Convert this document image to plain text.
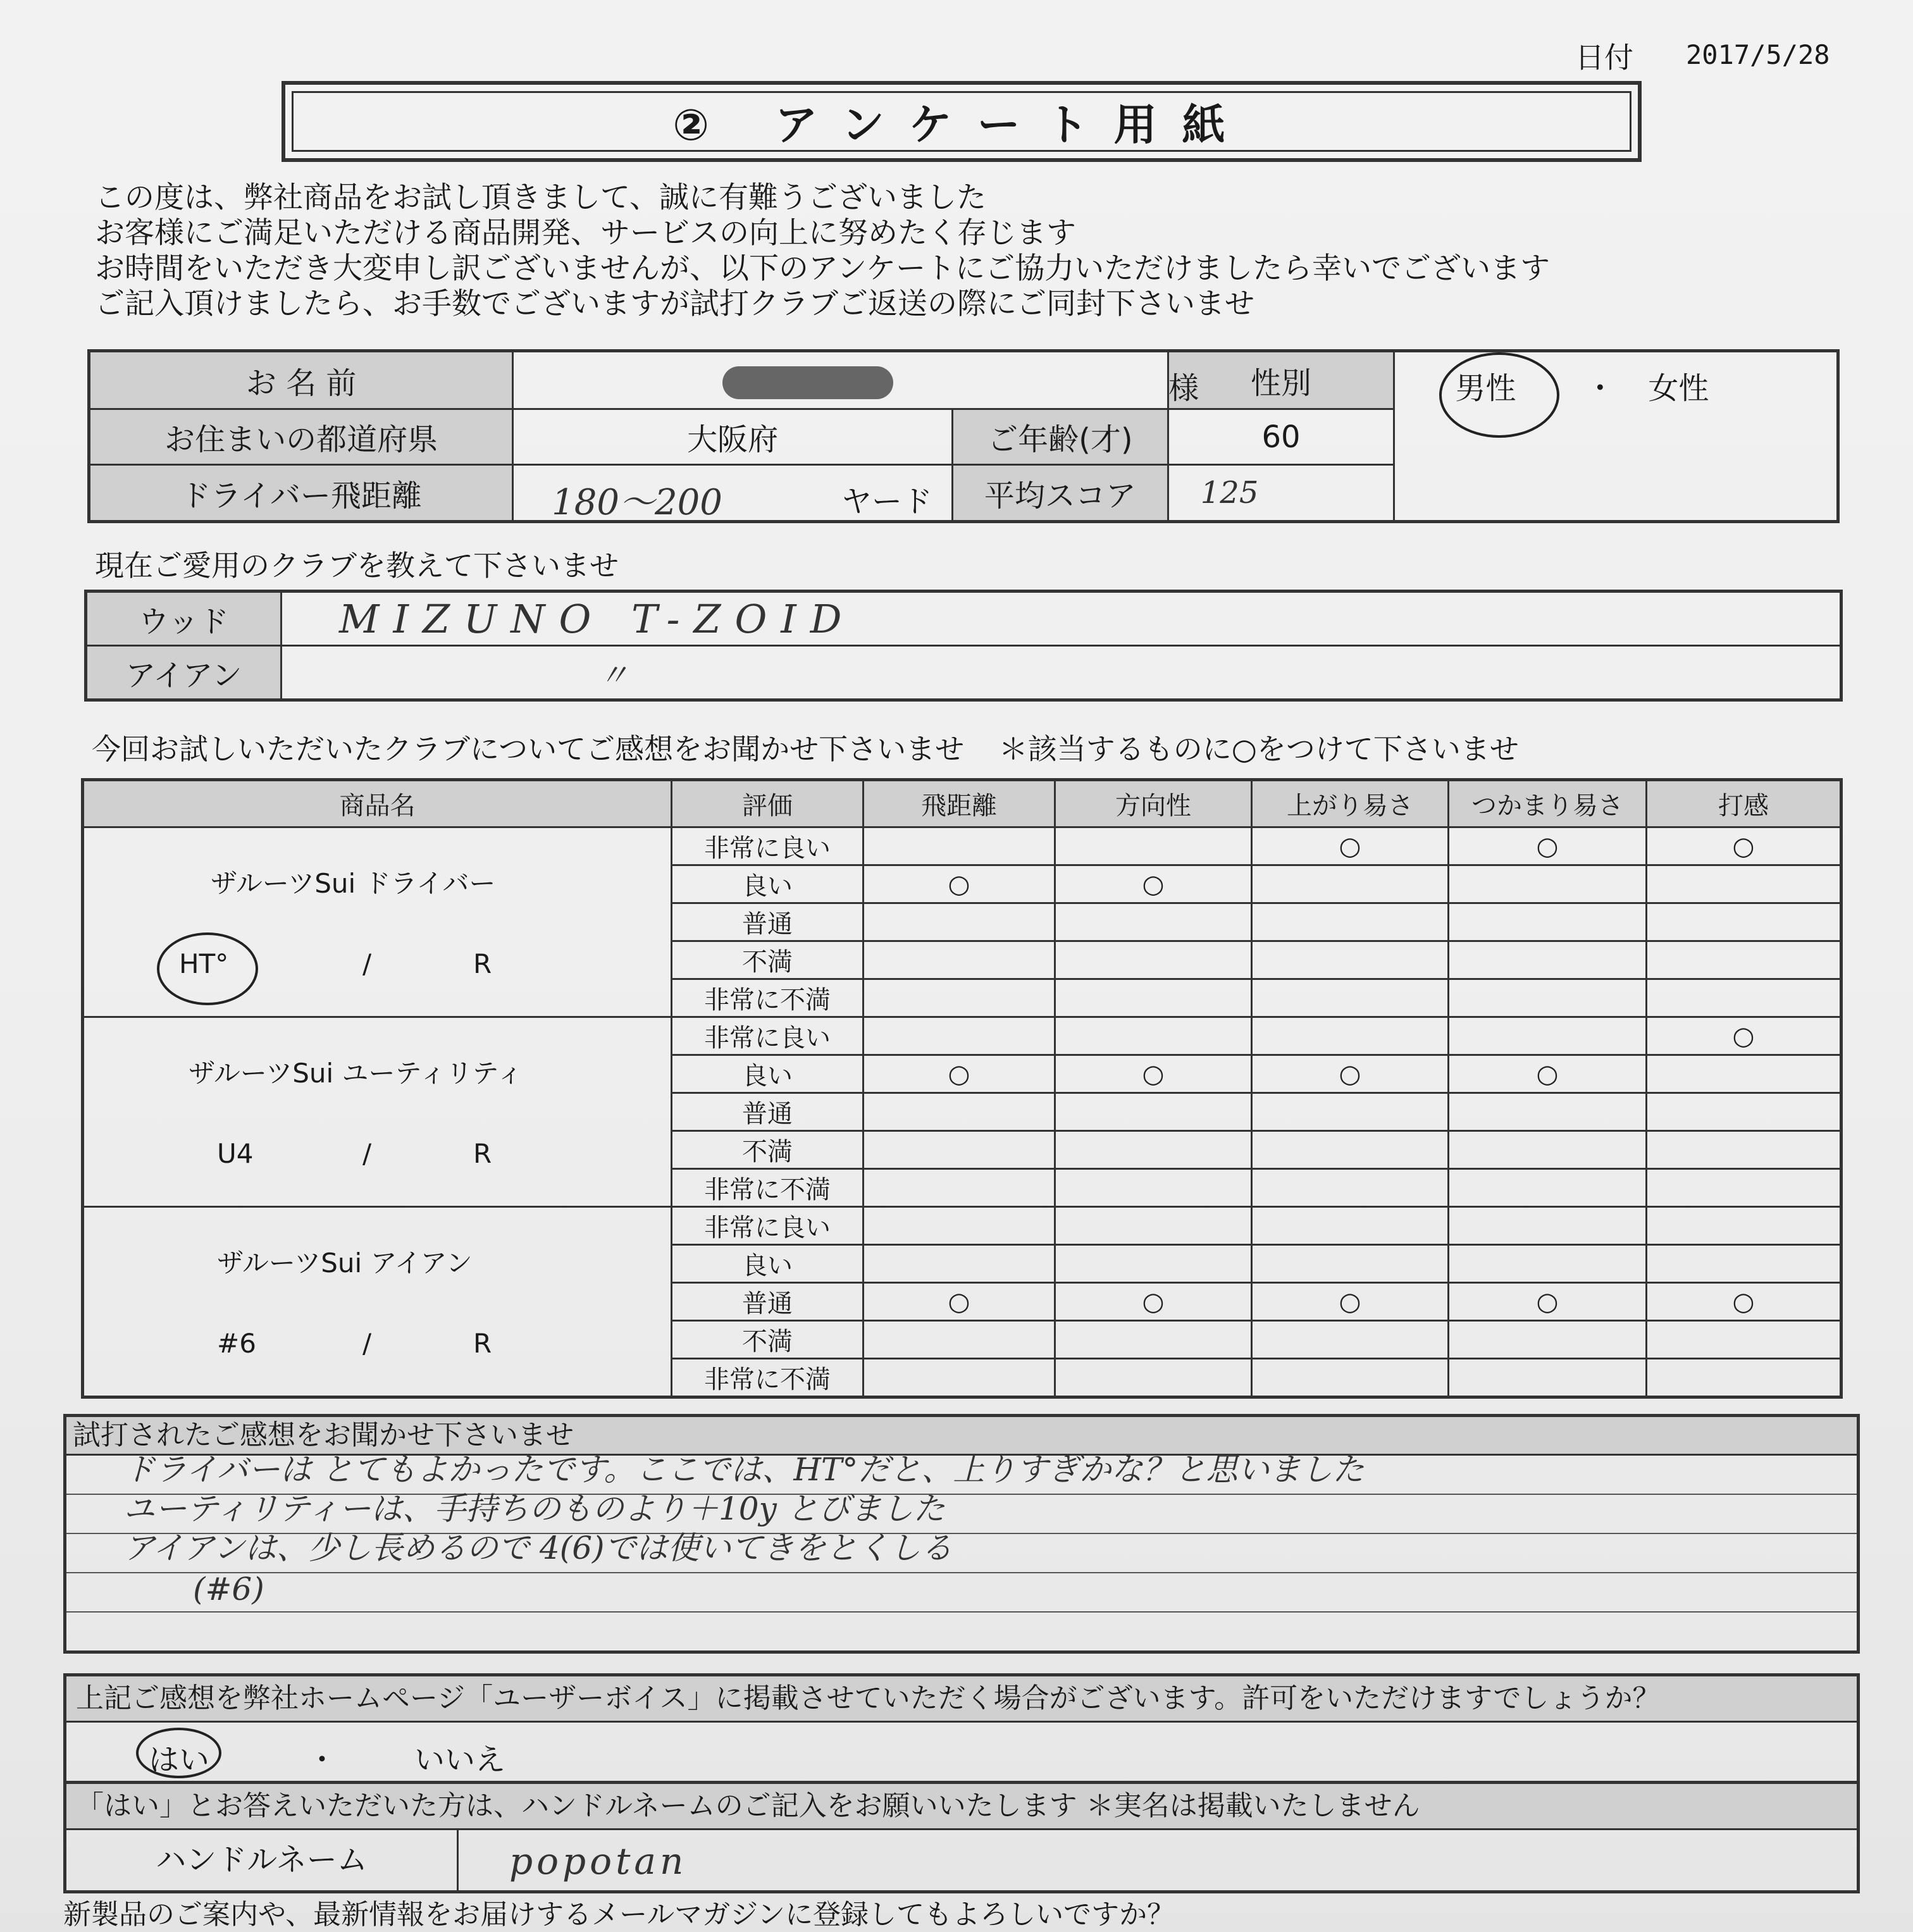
日付 2017/5/28
② アンケート用紙
この度は、弊社商品をお試し頂きまして、誠に有難うございました
お客様にご満足いただける商品開発、サービスの向上に努めたく存じます
お時間をいただき大変申し訳ございませんが、以下のアンケートにご協力いただけましたら幸いでございます
ご記入頂けましたら、お手数でございますが試打クラブご返送の際にご同封下さいませ
お 名 前	様		性別	男性 ・ 女性

お住まいの都道府県	大阪府	ご年齢(才)	60	
ドライバー飛距離	180〜200 ヤード	平均スコア	125	
現在ご愛用のクラブを教えて下さいませ
ウッド	MIZUNO T-ZOID
アイアン	〃
今回お試しいただいたクラブについてご感想をお聞かせ下さいませ ＊該当するものに○をつけて下さいませ
商品名	評価	飛距離	方向性	上がり易さ	つかまり易さ	打感

ザルーツSui ドライバー
HT° / R	非常に良い			○	○	○
	良い	○	○			
	普通					
	不満					
	非常に不満					

ザルーツSui ユーティリティ
U4 / R	非常に良い					○
	良い	○	○	○	○	
	普通					
	不満					
	非常に不満					

ザルーツSui アイアン
#6 / R	非常に良い					
	良い					
	普通	○	○	○	○	○
	不満					
	非常に不満					
試打されたご感想をお聞かせ下さいませ
ドライバーは とてもよかったです。ここでは、HT°だと、上りすぎかな？と思いました
ユーティリティーは、手持ちのものより＋10y とびました
アイアンは、少し長めるので 4(6)では使いてきをとくしる
(#6)
上記ご感想を弊社ホームページ「ユーザーボイス」に掲載させていただく場合がございます。許可をいただけますでしょうか？
はい	・	いいえ
「はい」とお答えいただいた方は、ハンドルネームのご記入をお願いいたします ＊実名は掲載いたしません
ハンドルネーム	popotan
新製品のご案内や、最新情報をお届けするメールマガジンに登録してもよろしいですか？
